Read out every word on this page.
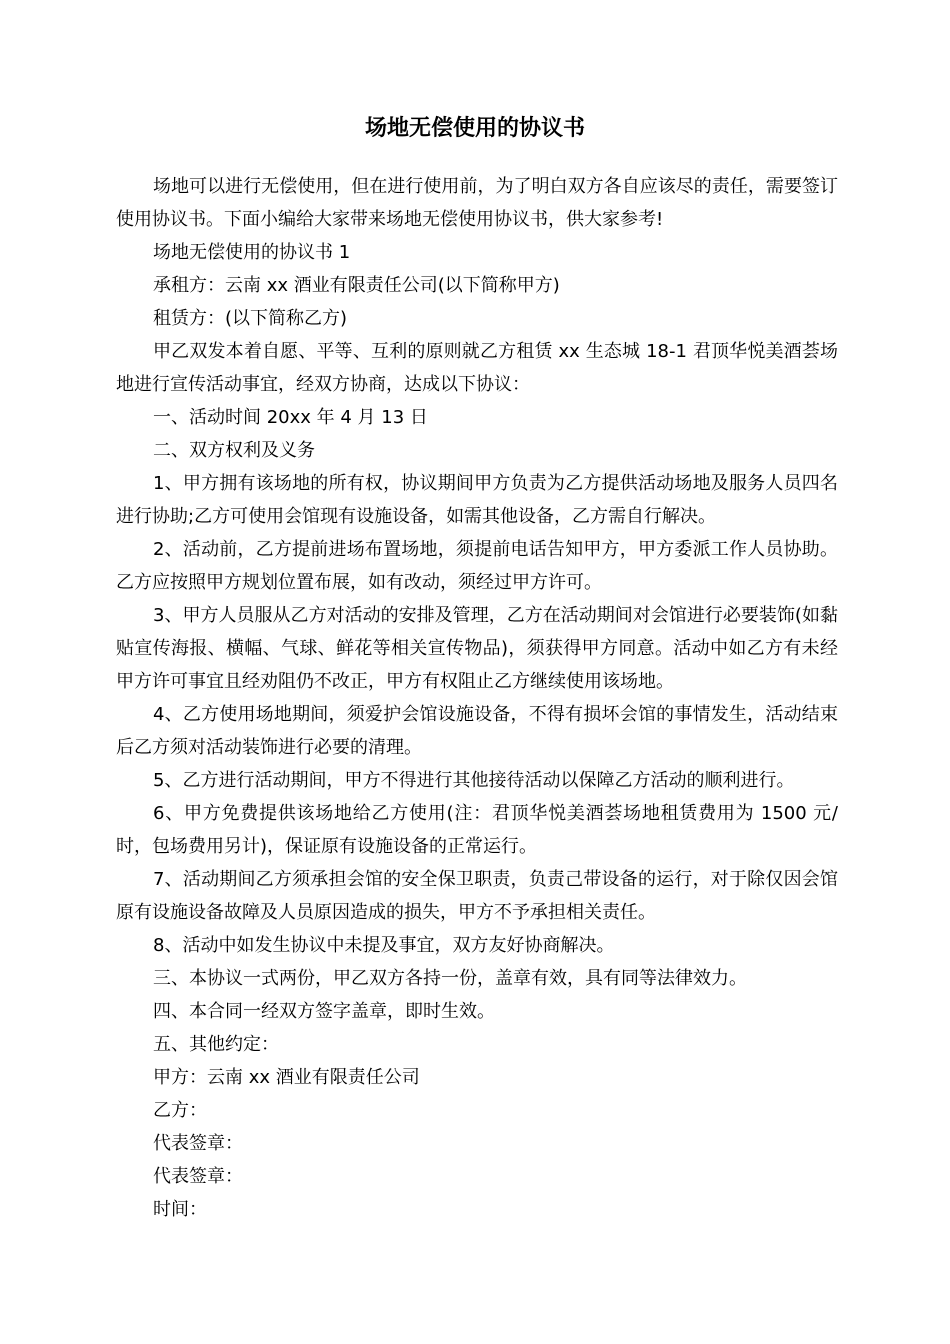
场地无偿使用的协议书

场地可以进行无偿使用，但在进行使用前，为了明白双方各自应该尽的责任，需要签订使用协议书。下面小编给大家带来场地无偿使用协议书，供大家参考!

场地无偿使用的协议书 1

承租方：云南 xx 酒业有限责任公司(以下简称甲方)

租赁方：(以下简称乙方)

甲乙双发本着自愿、平等、互利的原则就乙方租赁 xx 生态城 18-1 君顶华悦美酒荟场地进行宣传活动事宜，经双方协商，达成以下协议：

一、活动时间 20xx 年 4 月 13 日

二、双方权利及义务

1、甲方拥有该场地的所有权，协议期间甲方负责为乙方提供活动场地及服务人员四名进行协助;乙方可使用会馆现有设施设备，如需其他设备，乙方需自行解决。

2、活动前，乙方提前进场布置场地，须提前电话告知甲方，甲方委派工作人员协助。乙方应按照甲方规划位置布展，如有改动，须经过甲方许可。

3、甲方人员服从乙方对活动的安排及管理，乙方在活动期间对会馆进行必要装饰(如黏贴宣传海报、横幅、气球、鲜花等相关宣传物品)，须获得甲方同意。活动中如乙方有未经甲方许可事宜且经劝阻仍不改正，甲方有权阻止乙方继续使用该场地。

4、乙方使用场地期间，须爱护会馆设施设备，不得有损坏会馆的事情发生，活动结束后乙方须对活动装饰进行必要的清理。

5、乙方进行活动期间，甲方不得进行其他接待活动以保障乙方活动的顺利进行。

6、甲方免费提供该场地给乙方使用(注：君顶华悦美酒荟场地租赁费用为 1500 元/时，包场费用另计)，保证原有设施设备的正常运行。

7、活动期间乙方须承担会馆的安全保卫职责，负责己带设备的运行，对于除仅因会馆原有设施设备故障及人员原因造成的损失，甲方不予承担相关责任。

8、活动中如发生协议中未提及事宜，双方友好协商解决。

三、本协议一式两份，甲乙双方各持一份，盖章有效，具有同等法律效力。

四、本合同一经双方签字盖章，即时生效。

五、其他约定：

甲方：云南 xx 酒业有限责任公司

乙方：

代表签章：

代表签章：

时间：
